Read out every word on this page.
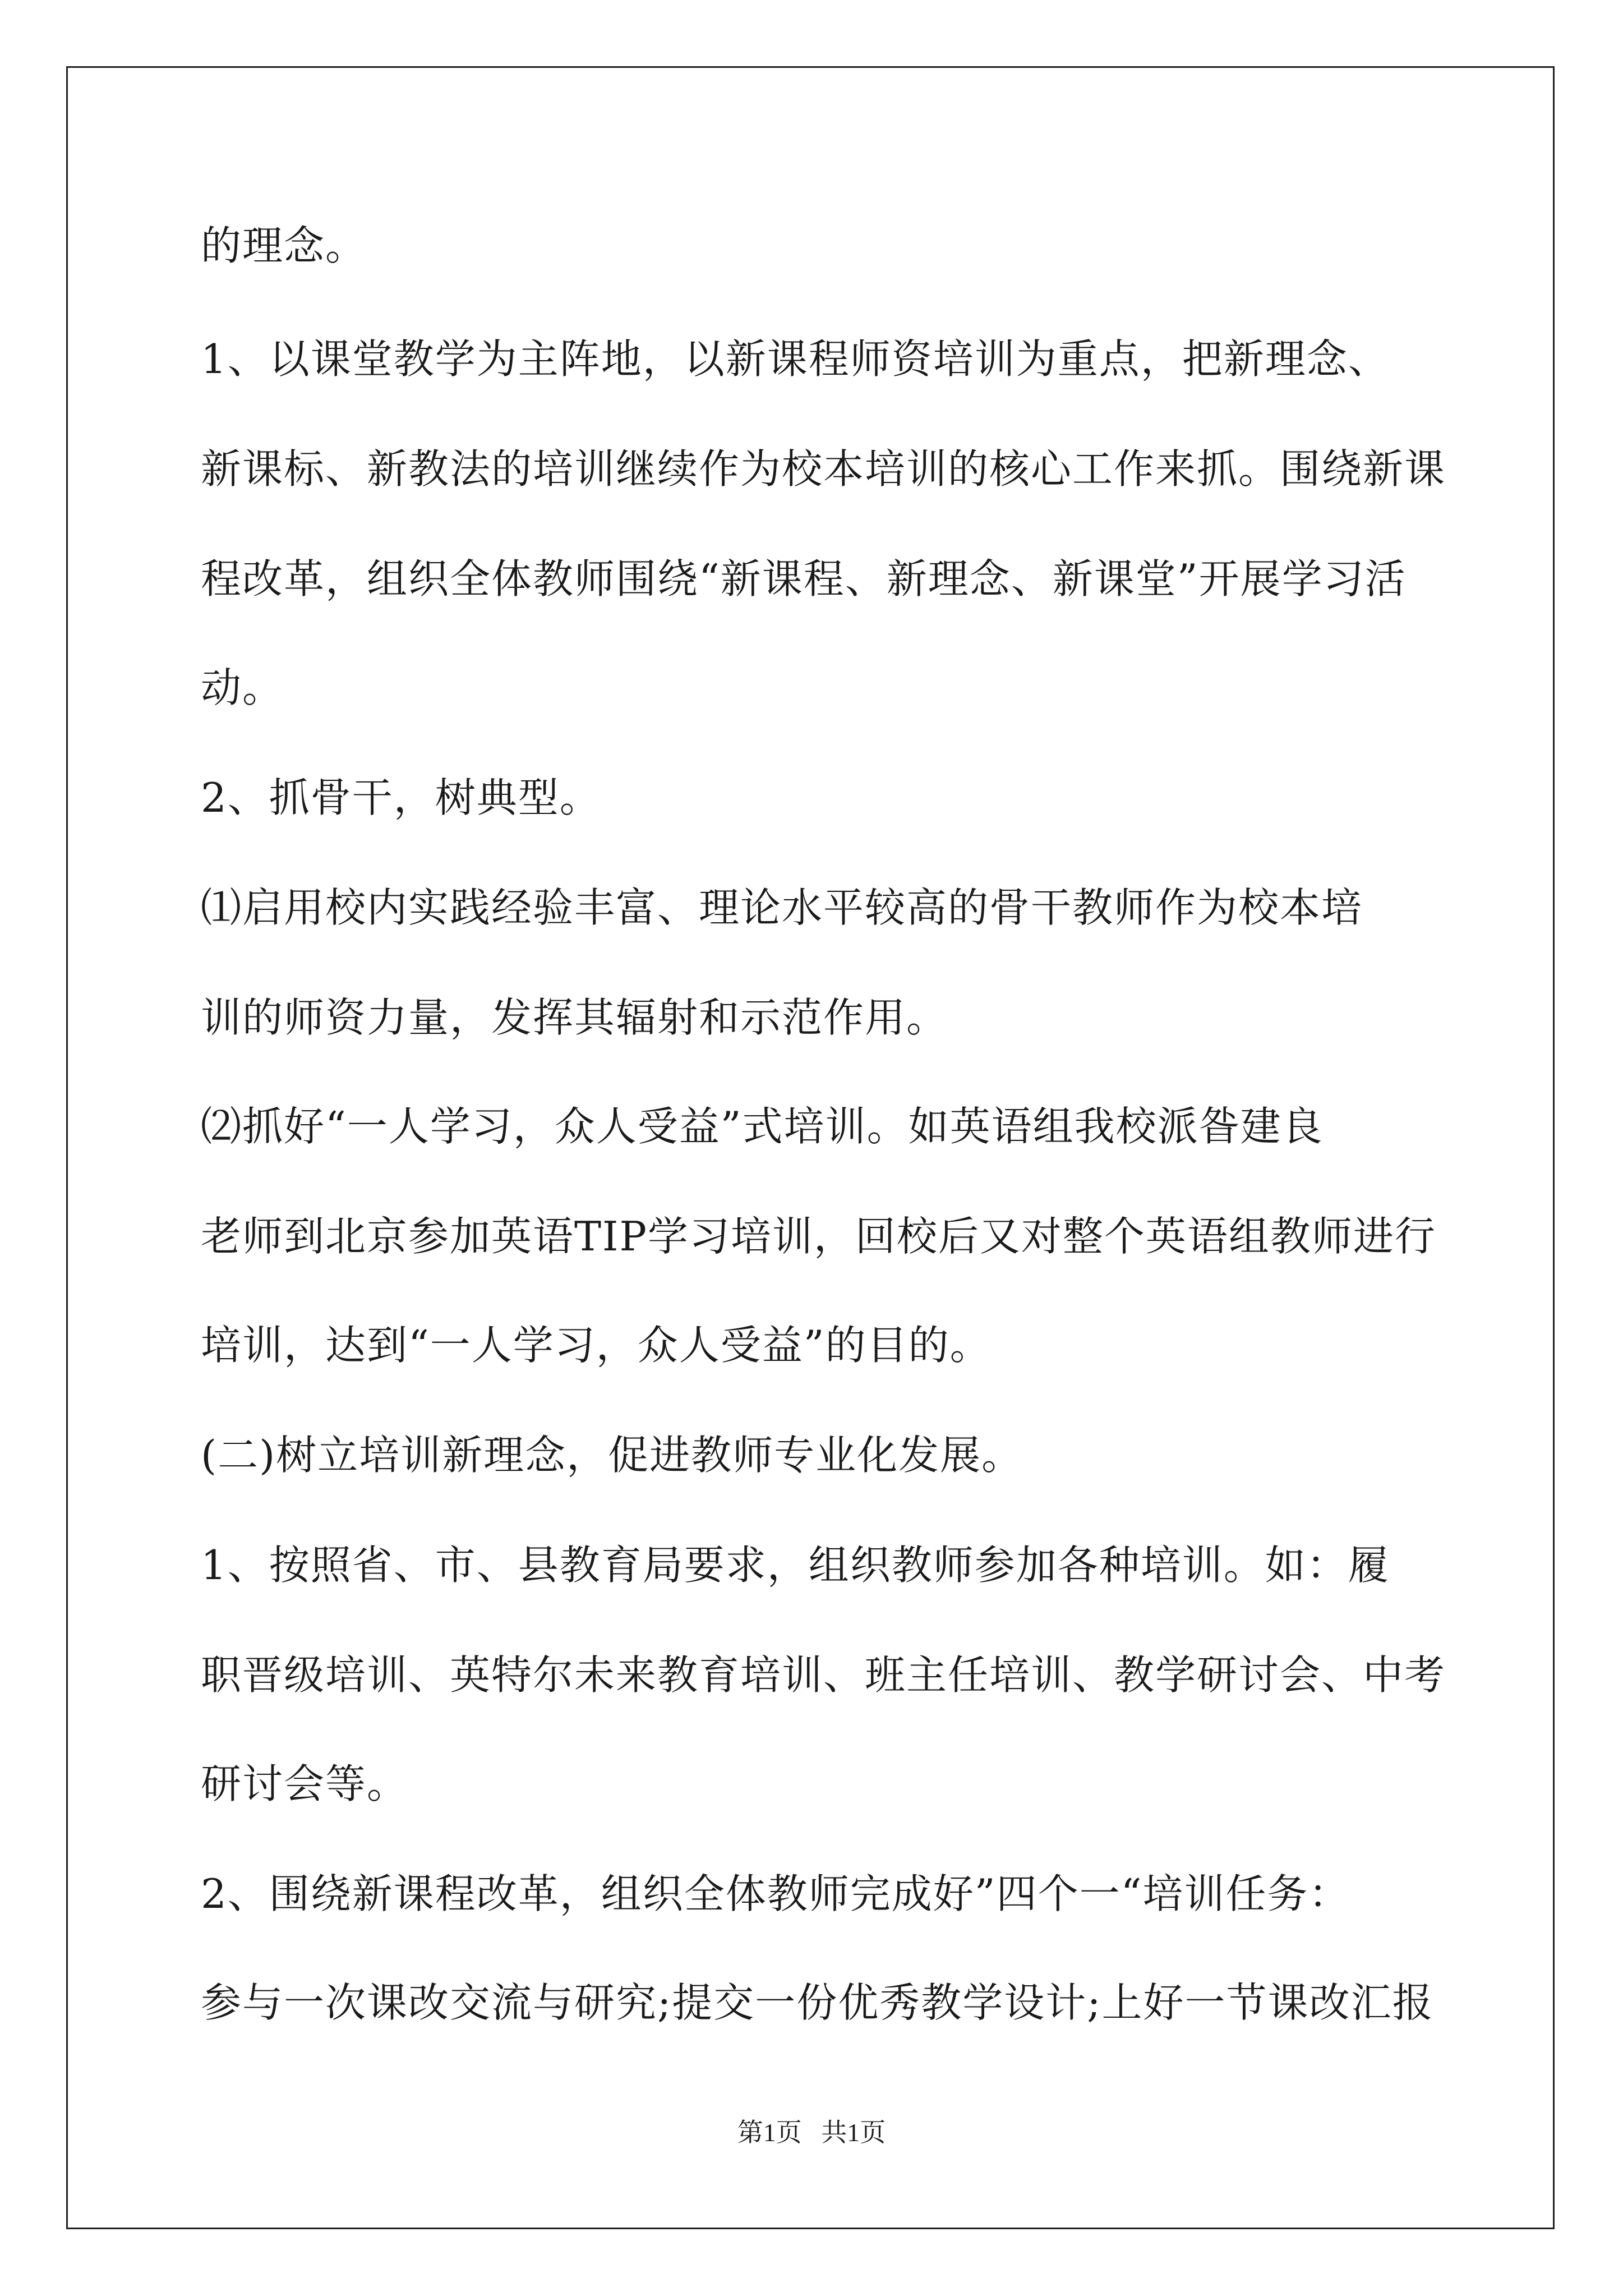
的理念。
1、以课堂教学为主阵地，以新课程师资培训为重点，把新理念、
新课标、新教法的培训继续作为校本培训的核心工作来抓。围绕新课
程改革，组织全体教师围绕“新课程、新理念、新课堂”开展学习活
动。
2、抓骨干，树典型。
⑴启用校内实践经验丰富、理论水平较高的骨干教师作为校本培
训的师资力量，发挥其辐射和示范作用。
⑵抓好“一人学习，众人受益”式培训。如英语组我校派昝建良
老师到北京参加英语TIP学习培训，回校后又对整个英语组教师进行
培训，达到“一人学习，众人受益”的目的。
(二)树立培训新理念，促进教师专业化发展。
1、按照省、市、县教育局要求，组织教师参加各种培训。如：履
职晋级培训、英特尔未来教育培训、班主任培训、教学研讨会、中考
研讨会等。
2、围绕新课程改革，组织全体教师完成好”四个一“培训任务：
参与一次课改交流与研究;提交一份优秀教学设计;上好一节课改汇报
第1页   共1页
